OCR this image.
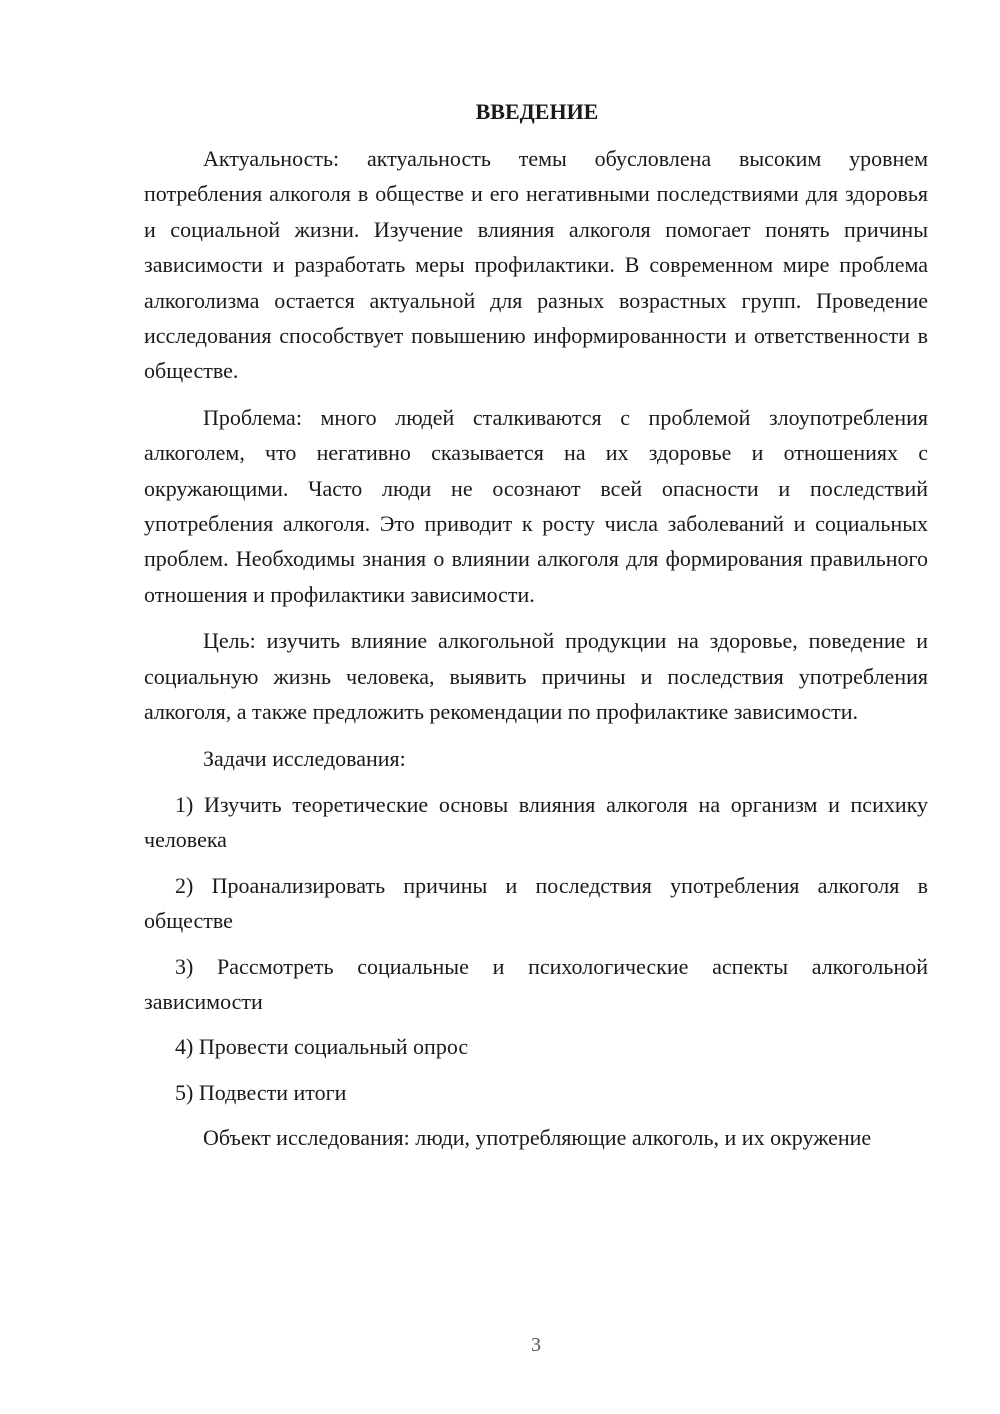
ВВЕДЕНИЕ

Актуальность: актуальность темы обусловлена высоким уровнем потребления алкоголя в обществе и его негативными последствиями для здоровья и социальной жизни. Изучение влияния алкоголя помогает понять причины зависимости и разработать меры профилактики. В современном мире проблема алкоголизма остается актуальной для разных возрастных групп. Проведение исследования способствует повышению информированности и ответственности в обществе.

Проблема: много людей сталкиваются с проблемой злоупотребления алкоголем, что негативно сказывается на их здоровье и отношениях с окружающими. Часто люди не осознают всей опасности и последствий употребления алкоголя. Это приводит к росту числа заболеваний и социальных проблем. Необходимы знания о влиянии алкоголя для формирования правильного отношения и профилактики зависимости.

Цель: изучить влияние алкогольной продукции на здоровье, поведение и социальную жизнь человека, выявить причины и последствия употребления алкоголя, а также предложить рекомендации по профилактике зависимости.

Задачи исследования:

1) Изучить теоретические основы влияния алкоголя на организм и психику человека
2) Проанализировать причины и последствия употребления алкоголя в обществе
3) Рассмотреть социальные и психологические аспекты алкогольной зависимости
4) Провести социальный опрос
5) Подвести итоги

Объект исследования: люди, употребляющие алкоголь, и их окружение

3
